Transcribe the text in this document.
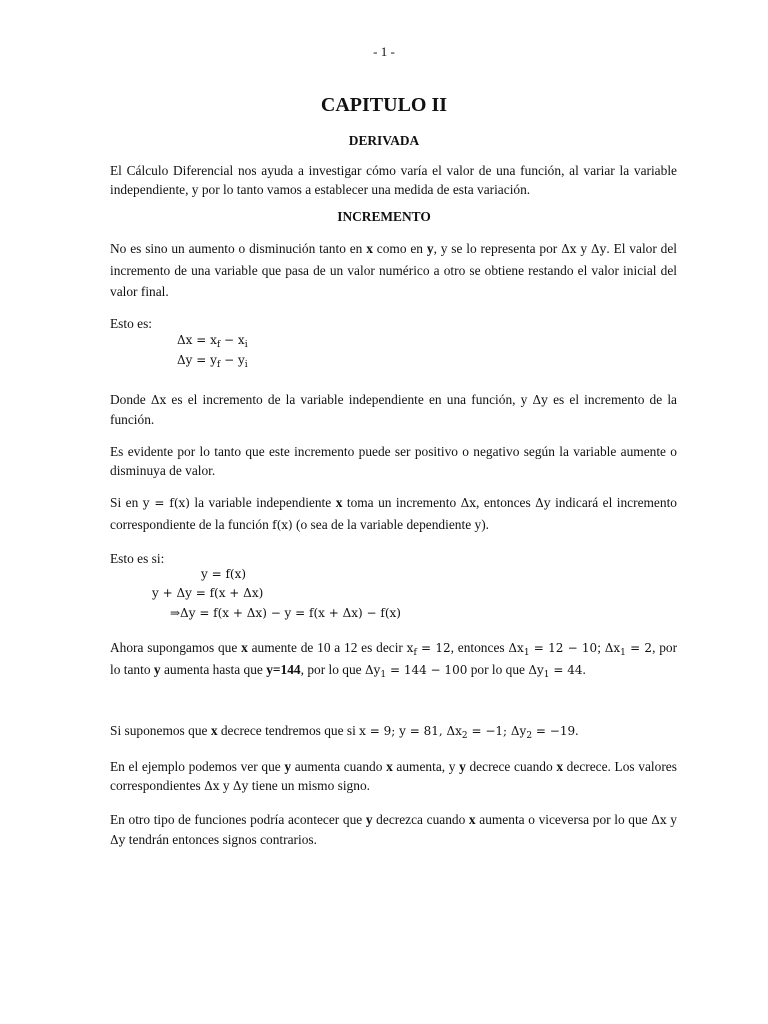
- 1 -
CAPITULO II
DERIVADA
El Cálculo Diferencial nos ayuda a investigar cómo varía el valor de una función, al variar la variable independiente, y por lo tanto vamos a establecer una medida de esta variación.
INCREMENTO
No es sino un aumento o disminución tanto en x como en y, y se lo representa por Δx y Δy. El valor del incremento de una variable que pasa de un valor numérico a otro se obtiene restando el valor inicial del valor final.
Esto es:
$\Delta x = x_f - x_i$
$\Delta y = y_f - y_i$
Donde Δx es el incremento de la variable independiente en una función, y Δy es el incremento de la función.
Es evidente por lo tanto que este incremento puede ser positivo o negativo según la variable aumente o disminuya de valor.
Si en y = f(x) la variable independiente x toma un incremento Δx, entonces Δy indicará el incremento correspondiente de la función f(x) (o sea de la variable dependiente y).
Esto es si:
y = f(x)
y + Δy = f(x + Δx)
⇒Δy = f(x + Δx) − y = f(x + Δx) − f(x)
Ahora supongamos que x aumente de 10 a 12 es decir $x_f = 12$, entonces $\Delta x_1 = 12 - 10$; $\Delta x_1 = 2$, por lo tanto y aumenta hasta que y=144, por lo que $\Delta y_1 = 144 - 100$ por lo que $\Delta y_1 = 44$.
Si suponemos que x decrece tendremos que si x = 9; y = 81, $\Delta x_2 = -1$; $\Delta y_2 = -19$.
En el ejemplo podemos ver que y aumenta cuando x aumenta, y y decrece cuando x decrece. Los valores correspondientes Δx y Δy tiene un mismo signo.
En otro tipo de funciones podría acontecer que y decrezca cuando x aumenta o viceversa por lo que Δx y Δy tendrán entonces signos contrarios.
